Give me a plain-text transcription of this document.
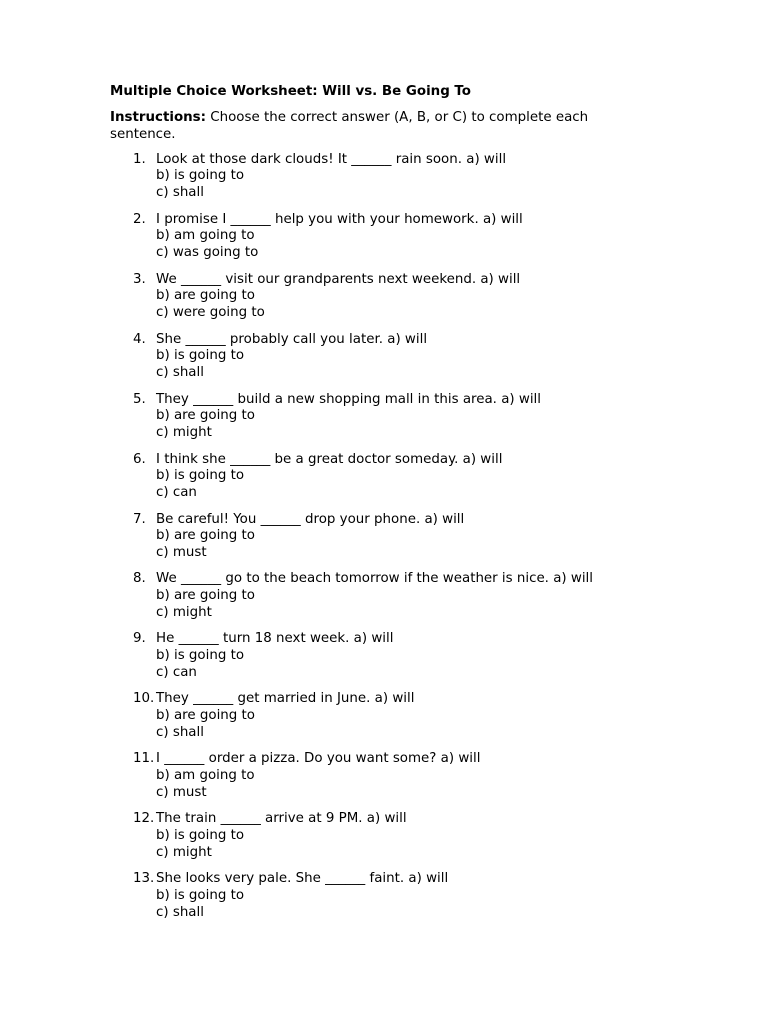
Multiple Choice Worksheet: Will vs. Be Going To

Instructions: Choose the correct answer (A, B, or C) to complete each sentence.

1. Look at those dark clouds! It ______ rain soon. a) will
b) is going to
c) shall
2. I promise I ______ help you with your homework. a) will
b) am going to
c) was going to
3. We ______ visit our grandparents next weekend. a) will
b) are going to
c) were going to
4. She ______ probably call you later. a) will
b) is going to
c) shall
5. They ______ build a new shopping mall in this area. a) will
b) are going to
c) might
6. I think she ______ be a great doctor someday. a) will
b) is going to
c) can
7. Be careful! You ______ drop your phone. a) will
b) are going to
c) must
8. We ______ go to the beach tomorrow if the weather is nice. a) will
b) are going to
c) might
9. He ______ turn 18 next week. a) will
b) is going to
c) can
10. They ______ get married in June. a) will
b) are going to
c) shall
11. I ______ order a pizza. Do you want some? a) will
b) am going to
c) must
12. The train ______ arrive at 9 PM. a) will
b) is going to
c) might
13. She looks very pale. She ______ faint. a) will
b) is going to
c) shall
